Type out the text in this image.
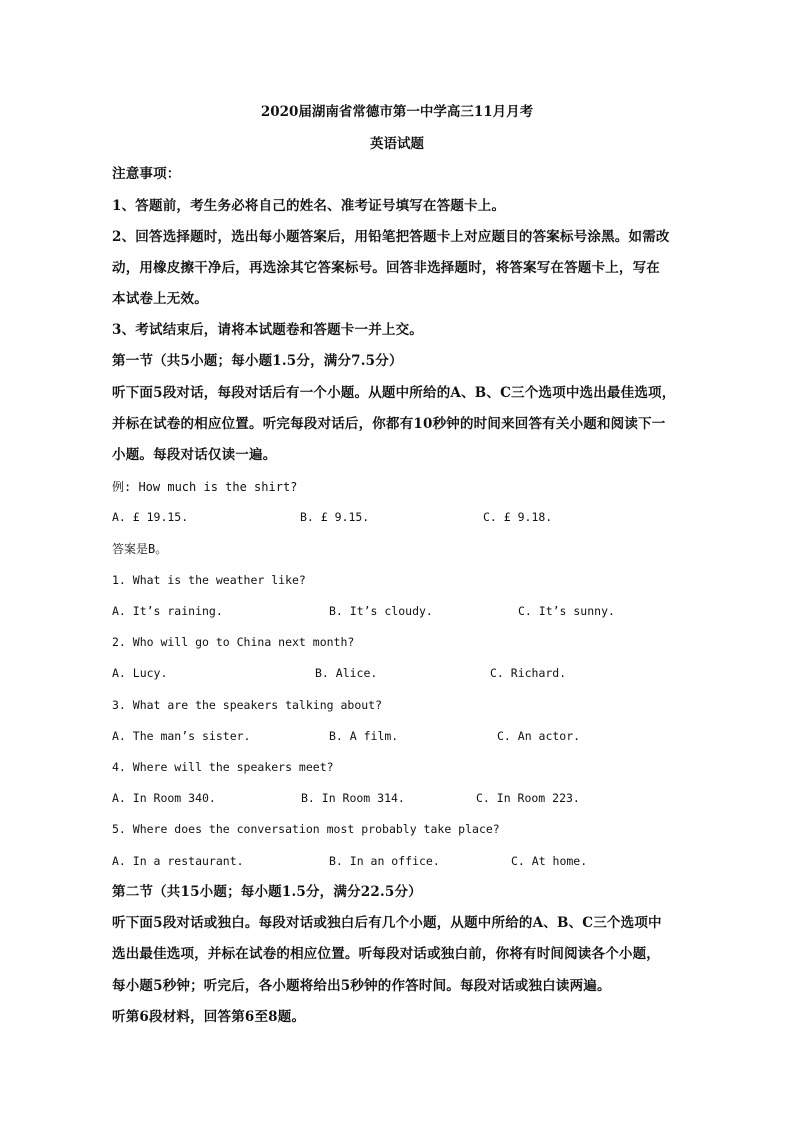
2020届湖南省常德市第一中学高三11月月考
英语试题
注意事项：
1、答题前，考生务必将自己的姓名、准考证号填写在答题卡上。
2、回答选择题时，选出每小题答案后，用铅笔把答题卡上对应题目的答案标号涂黑。如需改
动，用橡皮擦干净后，再选涂其它答案标号。回答非选择题时，将答案写在答题卡上，写在
本试卷上无效。
3、考试结束后，请将本试题卷和答题卡一并上交。
第一节（共5小题；每小题1.5分，满分7.5分）
听下面5段对话，每段对话后有一个小题。从题中所给的A、B、C三个选项中选出最佳选项，
并标在试卷的相应位置。听完每段对话后，你都有10秒钟的时间来回答有关小题和阅读下一
小题。每段对话仅读一遍。
例: How much is the shirt?
A. £ 19.15.	B. £ 9.15.	C. £ 9.18.
答案是B。
1. What is the weather like?
A. It’s raining.	B. It’s cloudy.	C. It’s sunny.
2. Who will go to China next month?
A. Lucy.	B. Alice.	C. Richard.
3. What are the speakers talking about?
A. The man’s sister.	B. A film.	C. An actor.
4. Where will the speakers meet?
A. In Room 340.	B. In Room 314.	C. In Room 223.
5. Where does the conversation most probably take place?
A. In a restaurant.	B. In an office.	C. At home.
第二节（共15小题；每小题1.5分，满分22.5分）
听下面5段对话或独白。每段对话或独白后有几个小题，从题中所给的A、B、C三个选项中
选出最佳选项，并标在试卷的相应位置。听每段对话或独白前，你将有时间阅读各个小题，
每小题5秒钟；听完后，各小题将给出5秒钟的作答时间。每段对话或独白读两遍。
听第6段材料，回答第6至8题。
